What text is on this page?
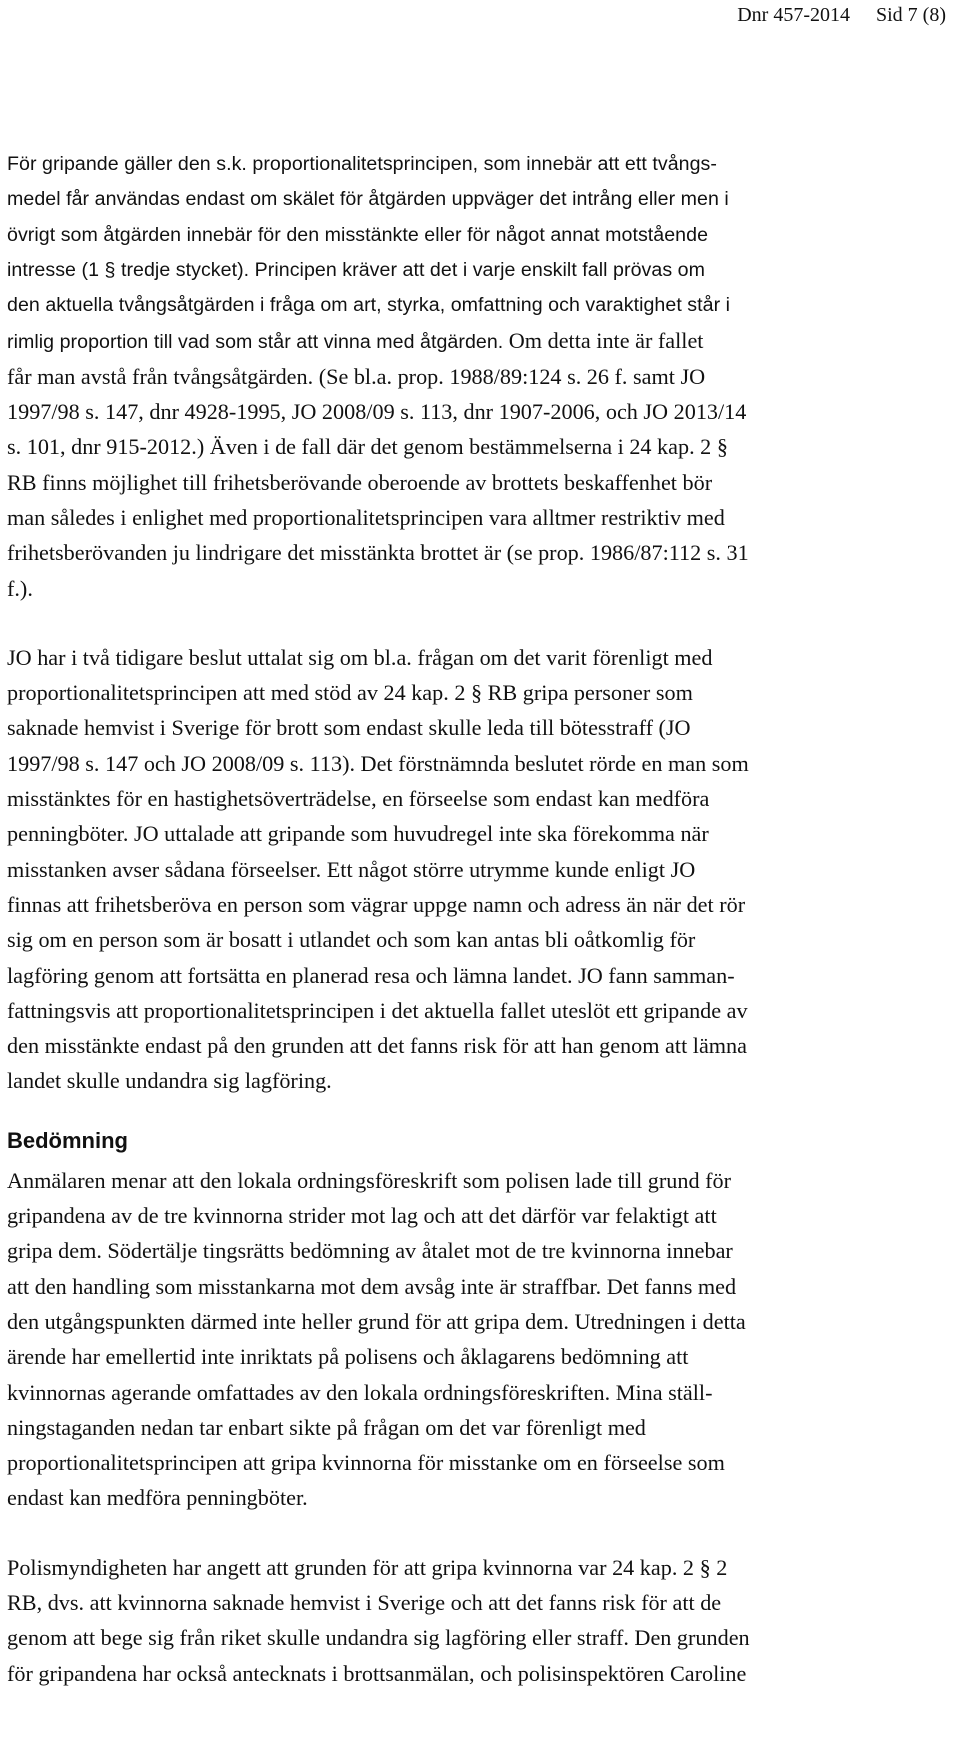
Dnr 457-2014 Sid 7 (8)
För gripande gäller den s.k. proportionalitetsprincipen, som innebär att ett tvångs-
medel får användas endast om skälet för åtgärden uppväger det intrång eller men i
övrigt som åtgärden innebär för den misstänkte eller för något annat motstående
intresse (1 § tredje stycket). Principen kräver att det i varje enskilt fall prövas om
den aktuella tvångsåtgärden i fråga om art, styrka, omfattning och varaktighet står i
rimlig proportion till vad som står att vinna med åtgärden. Om detta inte är fallet
får man avstå från tvångsåtgärden. (Se bl.a. prop. 1988/89:124 s. 26 f. samt JO
1997/98 s. 147, dnr 4928-1995, JO 2008/09 s. 113, dnr 1907-2006, och JO 2013/14
s. 101, dnr 915-2012.) Även i de fall där det genom bestämmelserna i 24 kap. 2 §
RB finns möjlighet till frihetsberövande oberoende av brottets beskaffenhet bör
man således i enlighet med proportionalitetsprincipen vara alltmer restriktiv med
frihetsberövanden ju lindrigare det misstänkta brottet är (se prop. 1986/87:112 s. 31
f.).
JO har i två tidigare beslut uttalat sig om bl.a. frågan om det varit förenligt med
proportionalitetsprincipen att med stöd av 24 kap. 2 § RB gripa personer som
saknade hemvist i Sverige för brott som endast skulle leda till bötesstraff (JO
1997/98 s. 147 och JO 2008/09 s. 113). Det förstnämnda beslutet rörde en man som
misstänktes för en hastighetsöverträdelse, en förseelse som endast kan medföra
penningböter. JO uttalade att gripande som huvudregel inte ska förekomma när
misstanken avser sådana förseelser. Ett något större utrymme kunde enligt JO
finnas att frihetsberöva en person som vägrar uppge namn och adress än när det rör
sig om en person som är bosatt i utlandet och som kan antas bli oåtkomlig för
lagföring genom att fortsätta en planerad resa och lämna landet. JO fann samman-
fattningsvis att proportionalitetsprincipen i det aktuella fallet uteslöt ett gripande av
den misstänkte endast på den grunden att det fanns risk för att han genom att lämna
landet skulle undandra sig lagföring.
Bedömning
Anmälaren menar att den lokala ordningsföreskrift som polisen lade till grund för
gripandena av de tre kvinnorna strider mot lag och att det därför var felaktigt att
gripa dem. Södertälje tingsrätts bedömning av åtalet mot de tre kvinnorna innebar
att den handling som misstankarna mot dem avsåg inte är straffbar. Det fanns med
den utgångspunkten därmed inte heller grund för att gripa dem. Utredningen i detta
ärende har emellertid inte inriktats på polisens och åklagarens bedömning att
kvinnornas agerande omfattades av den lokala ordningsföreskriften. Mina ställ-
ningstaganden nedan tar enbart sikte på frågan om det var förenligt med
proportionalitetsprincipen att gripa kvinnorna för misstanke om en förseelse som
endast kan medföra penningböter.
Polismyndigheten har angett att grunden för att gripa kvinnorna var 24 kap. 2 § 2
RB, dvs. att kvinnorna saknade hemvist i Sverige och att det fanns risk för att de
genom att bege sig från riket skulle undandra sig lagföring eller straff. Den grunden
för gripandena har också antecknats i brottsanmälan, och polisinspektören Caroline
